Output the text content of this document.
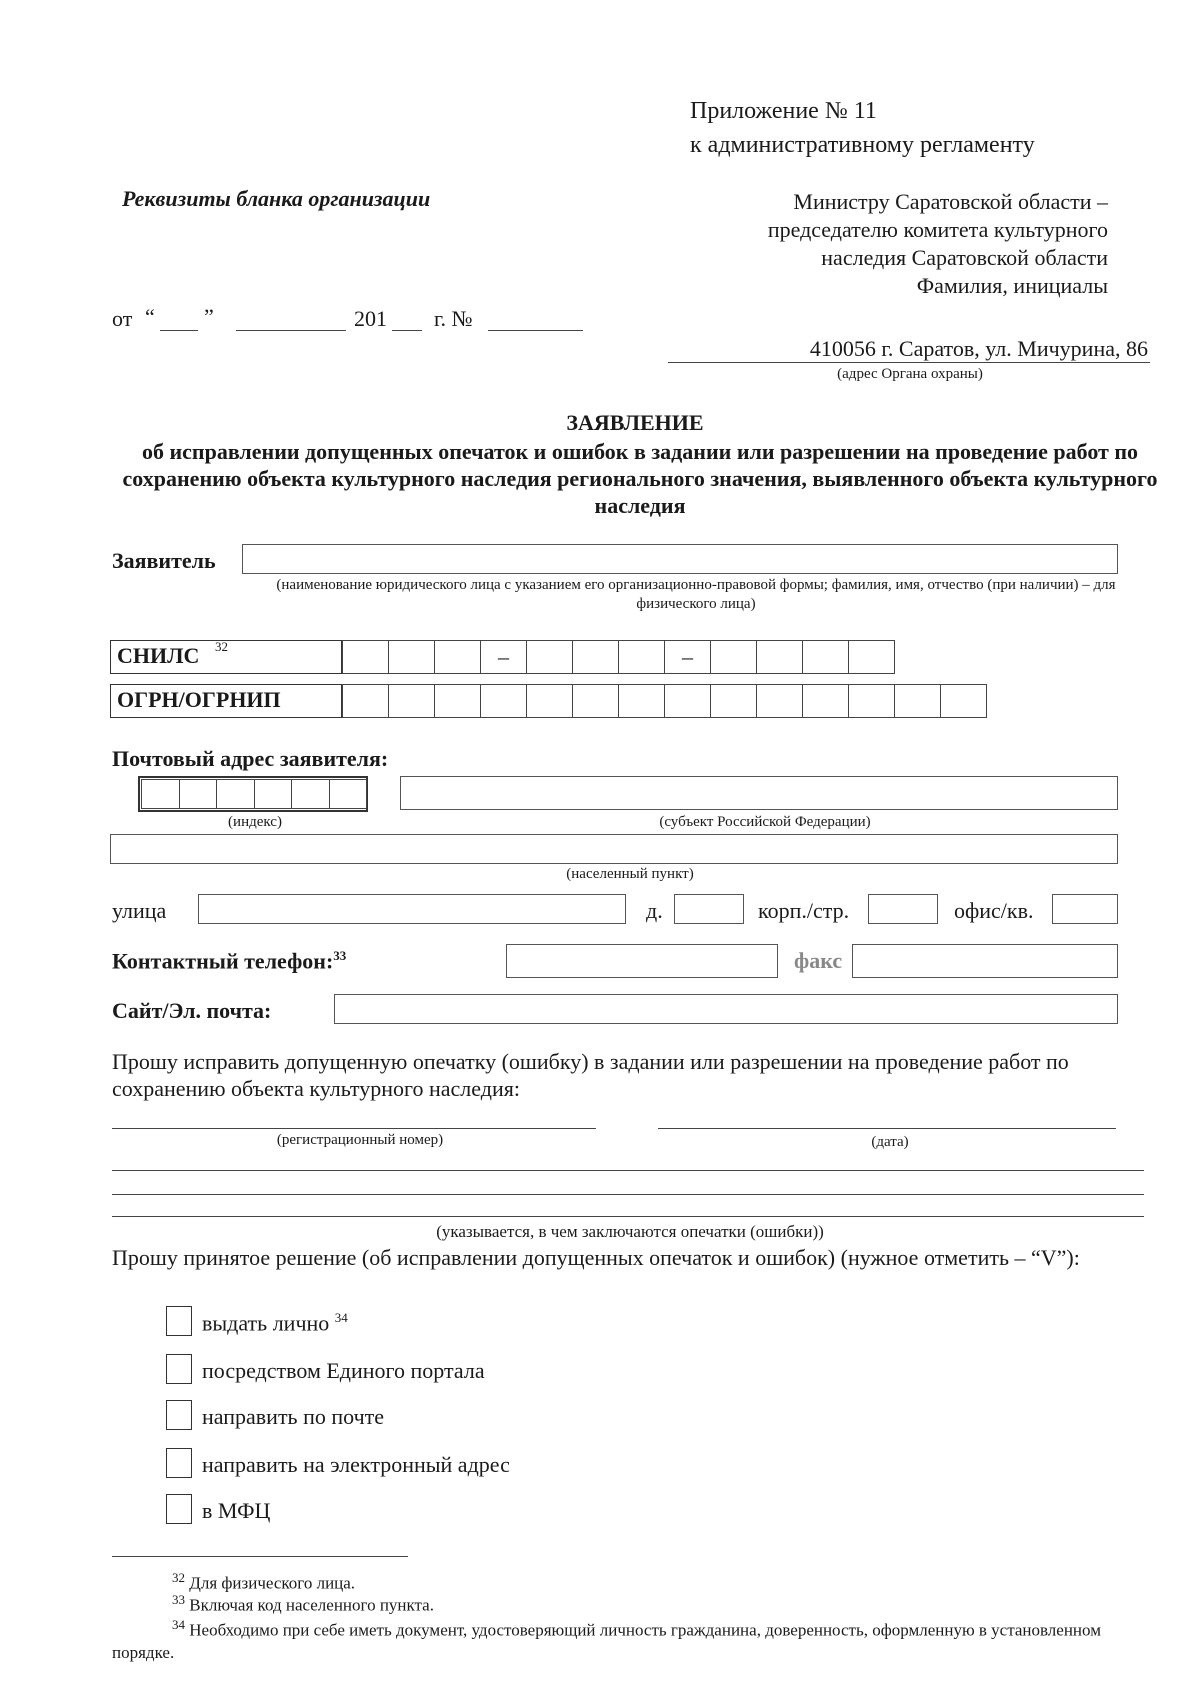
Приложение № 11
к административному регламенту
Реквизиты бланка организации	Министру Саратовской области –
председателю комитета культурного
наследия Саратовской области
Фамилия, инициалы
от “ ”	201 г. №
410056 г. Саратов, ул. Мичурина, 86
(адрес Органа охраны)
ЗАЯВЛЕНИЕ
об исправлении допущенных опечаток и ошибок в задании или разрешении на проведение работ по сохранению объекта культурного наследия регионального значения, выявленного объекта культурного наследия
Заявитель
(наименование юридического лица с указанием его организационно-правовой формы; фамилия, имя, отчество (при наличии) – для физического лица)
СНИЛС 32	–	–
ОГРН/ОГРНИП
Почтовый адрес заявителя:
(индекс)	(субъект Российской Федерации)
(населенный пункт)
улица	д.	корп./стр.	офис/кв.
Контактный телефон:$^{33}$	факс
Сайт/Эл. почта:
Прошу исправить допущенную опечатку (ошибку) в задании или разрешении на проведение работ по сохранению объекта культурного наследия:
(регистрационный номер)	(дата)
(указывается, в чем заключаются опечатки (ошибки))
Прошу принятое решение (об исправлении допущенных опечаток и ошибок) (нужное отметить – “V”):
выдать лично $^{34}$
посредством Единого портала
направить по почте
направить на электронный адрес
в МФЦ
$^{32}$ Для физического лица.
$^{33}$ Включая код населенного пункта.
$^{34}$ Необходимо при себе иметь документ, удостоверяющий личность гражданина, доверенность, оформленную в установленном порядке.
